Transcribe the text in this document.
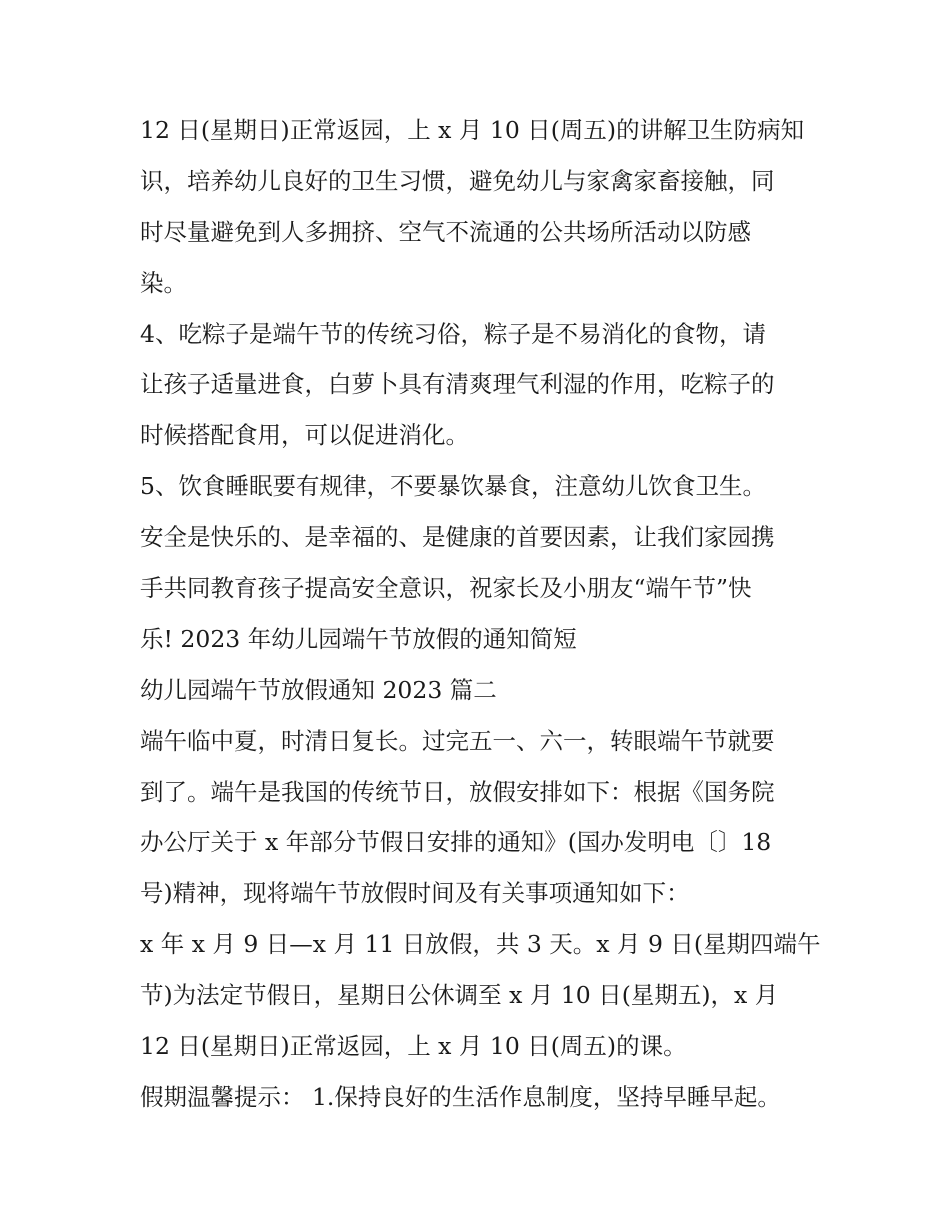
12 日(星期日)正常返园，上 x 月 10 日(周五)的讲解卫生防病知
识，培养幼儿良好的卫生习惯，避免幼儿与家禽家畜接触，同
时尽量避免到人多拥挤、空气不流通的公共场所活动以防感
染。
4、吃粽子是端午节的传统习俗，粽子是不易消化的食物，请
让孩子适量进食，白萝卜具有清爽理气利湿的作用，吃粽子的
时候搭配食用，可以促进消化。
5、饮食睡眠要有规律，不要暴饮暴食，注意幼儿饮食卫生。
安全是快乐的、是幸福的、是健康的首要因素，让我们家园携
手共同教育孩子提高安全意识，祝家长及小朋友“端午节”快
乐! 2023 年幼儿园端午节放假的通知简短
幼儿园端午节放假通知 2023 篇二
端午临中夏，时清日复长。过完五一、六一，转眼端午节就要
到了。端午是我国的传统节日，放假安排如下：根据《国务院
办公厅关于 x 年部分节假日安排的通知》(国办发明电〔〕18
号)精神，现将端午节放假时间及有关事项通知如下：
x 年 x 月 9 日—x 月 11 日放假，共 3 天。x 月 9 日(星期四端午
节)为法定节假日，星期日公休调至 x 月 10 日(星期五)，x 月
12 日(星期日)正常返园，上 x 月 10 日(周五)的课。
假期温馨提示： 1.保持良好的生活作息制度，坚持早睡早起。
